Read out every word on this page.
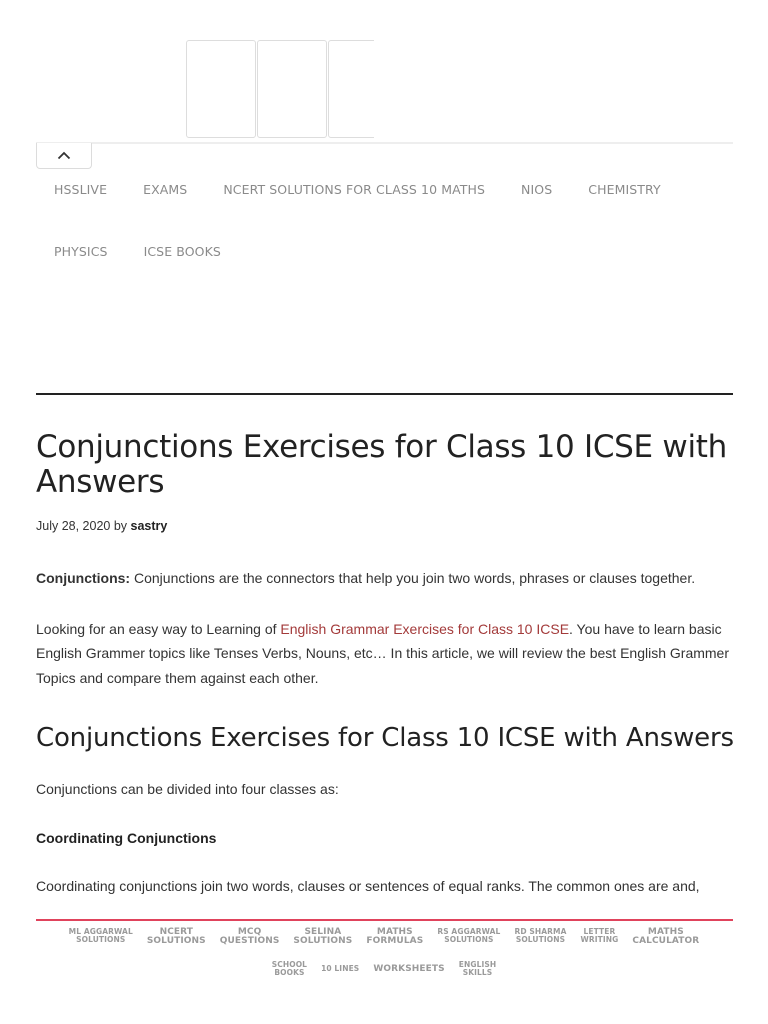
HSSLIVE	EXAMS	NCERT SOLUTIONS FOR CLASS 10 MATHS	NIOS	CHEMISTRY
PHYSICS	ICSE BOOKS
Conjunctions Exercises for Class 10 ICSE with Answers
July 28, 2020 by sastry

Conjunctions: Conjunctions are the connectors that help you join two words, phrases or clauses together.

Looking for an easy way to Learning of English Grammar Exercises for Class 10 ICSE. You have to learn basic English Grammer topics like Tenses Verbs, Nouns, etc… In this article, we will review the best English Grammer Topics and compare them against each other.

Conjunctions Exercises for Class 10 ICSE with Answers

Conjunctions can be divided into four classes as:

Coordinating Conjunctions

Coordinating conjunctions join two words, clauses or sentences of equal ranks. The common ones are and,

ML AGGARWAL
SOLUTIONS
NCERT
SOLUTIONS
MCQ
QUESTIONS
SELINA
SOLUTIONS
MATHS
FORMULAS
RS AGGARWAL
SOLUTIONS
RD SHARMA
SOLUTIONS
LETTER
WRITING
MATHS
CALCULATOR
SCHOOL
BOOKS	10 LINES WORKSHEETS ENGLISH
SKILLS
